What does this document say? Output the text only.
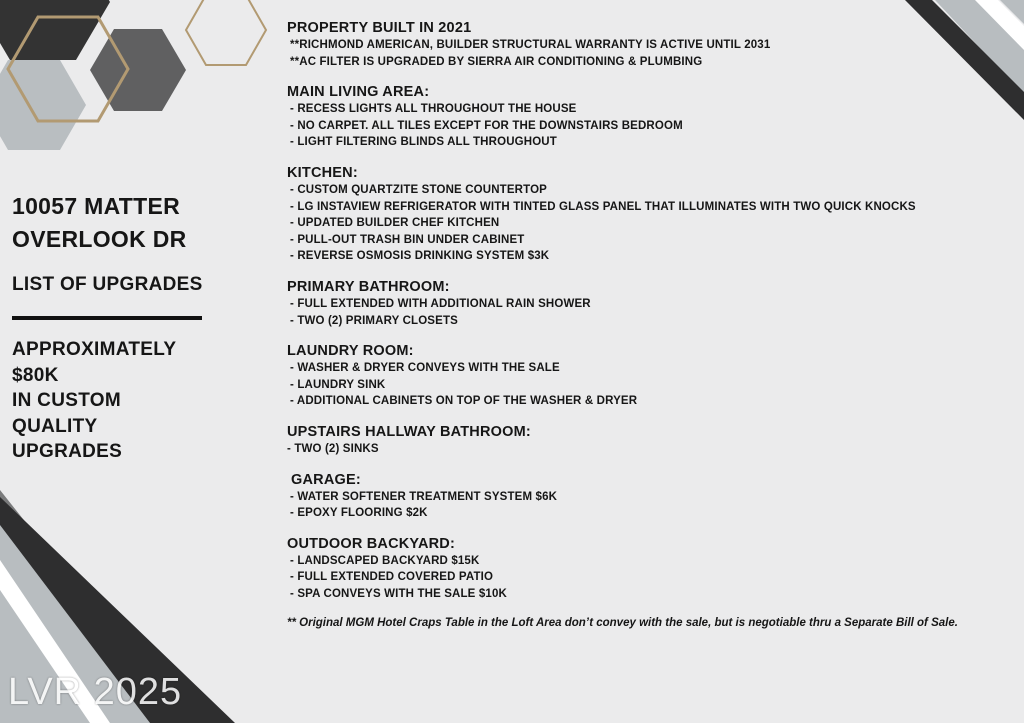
10057 MATTER
OVERLOOK DR

LIST OF UPGRADES

APPROXIMATELY
$80K
IN CUSTOM
QUALITY
UPGRADES

PROPERTY BUILT IN 2021
**RICHMOND AMERICAN, BUILDER STRUCTURAL WARRANTY IS ACTIVE UNTIL 2031
**AC FILTER IS UPGRADED BY SIERRA AIR CONDITIONING & PLUMBING
MAIN LIVING AREA:
- RECESS LIGHTS ALL THROUGHOUT THE HOUSE
- NO CARPET. ALL TILES EXCEPT FOR THE DOWNSTAIRS BEDROOM
- LIGHT FILTERING BLINDS ALL THROUGHOUT
KITCHEN:
- CUSTOM QUARTZITE STONE COUNTERTOP
- LG INSTAVIEW REFRIGERATOR WITH TINTED GLASS PANEL THAT ILLUMINATES WITH TWO QUICK KNOCKS
- UPDATED BUILDER CHEF KITCHEN
- PULL-OUT TRASH BIN UNDER CABINET
- REVERSE OSMOSIS DRINKING SYSTEM $3K
PRIMARY BATHROOM:
- FULL EXTENDED WITH ADDITIONAL RAIN SHOWER
- TWO (2) PRIMARY CLOSETS
LAUNDRY ROOM:
- WASHER & DRYER CONVEYS WITH THE SALE
- LAUNDRY SINK
- ADDITIONAL CABINETS ON TOP OF THE WASHER & DRYER
UPSTAIRS HALLWAY BATHROOM:
- TWO (2) SINKS
GARAGE:
- WATER SOFTENER TREATMENT SYSTEM $6K
- EPOXY FLOORING $2K
OUTDOOR BACKYARD:
- LANDSCAPED BACKYARD $15K
- FULL EXTENDED COVERED PATIO
- SPA CONVEYS WITH THE SALE $10K
** Original MGM Hotel Craps Table in the Loft Area don’t convey with the sale, but is negotiable thru a Separate Bill of Sale.
LVR 2025
